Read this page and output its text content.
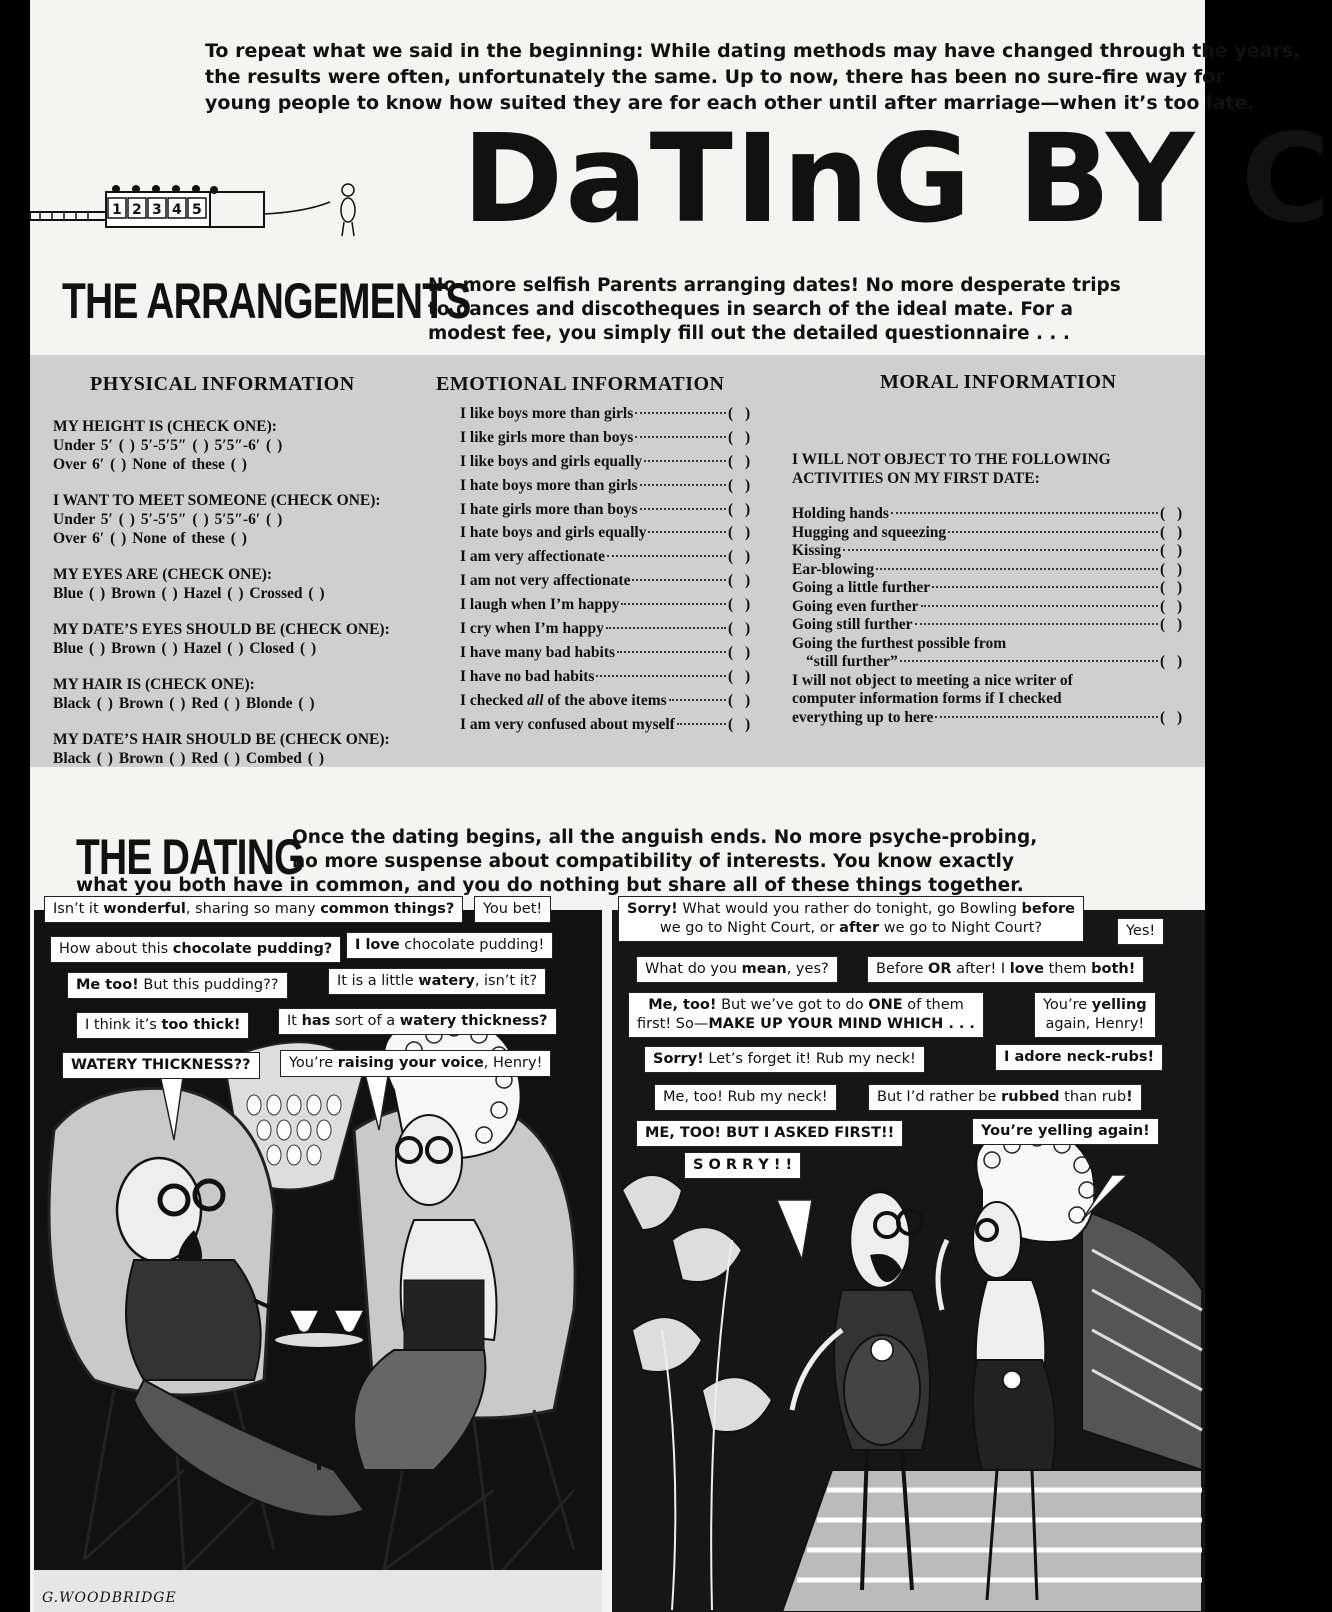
To repeat what we said in the beginning: While dating methods may have changed through the years,
the results were often, unfortunately the same. Up to now, there has been no sure-fire way for
young people to know how suited they are for each other until after marriage—when it’s too late.

1 2 3 4 5 DaTInG BY C
THE ARRANGEMENTS

No more selfish Parents arranging dates! No more desperate trips
to dances and discotheques in search of the ideal mate. For a
modest fee, you simply fill out the detailed questionnaire . . .

PHYSICAL INFORMATION	EMOTIONAL INFORMATION	MORAL INFORMATION
MY HEIGHT IS (CHECK ONE):
Under 5′ ( ) 5′-5′5″ ( ) 5′5″-6′ ( )
Over 6′ ( ) None of these ( )
I WANT TO MEET SOMEONE (CHECK ONE):
Under 5′ ( ) 5′-5′5″ ( ) 5′5″-6′ ( )
Over 6′ ( ) None of these ( )
MY EYES ARE (CHECK ONE):
Blue ( ) Brown ( ) Hazel ( ) Crossed ( )
MY DATE’S EYES SHOULD BE (CHECK ONE):
Blue ( ) Brown ( ) Hazel ( ) Closed ( )
MY HAIR IS (CHECK ONE):
Black ( ) Brown ( ) Red ( ) Blonde ( )
MY DATE’S HAIR SHOULD BE (CHECK ONE):
Black ( ) Brown ( ) Red ( ) Combed ( )
I like boys more than girls	( )
I like girls more than boys	( )
I like boys and girls equally	( )
I hate boys more than girls	( )
I hate girls more than boys	( )
I hate boys and girls equally	( )
I am very affectionate	( )
I am not very affectionate	( )
I laugh when I’m happy	( )
I cry when I’m happy	( )
I have many bad habits	( )
I have no bad habits	( )
I checked all of the above items	( )
I am very confused about myself	( )
I WILL NOT OBJECT TO THE FOLLOWING
ACTIVITIES ON MY FIRST DATE:
Holding hands	( )
Hugging and squeezing	( )
Kissing	( )
Ear-blowing	( )
Going a little further	( )
Going even further	( )
Going still further	( )
Going the furthest possible from
“still further”	( )
I will not object to meeting a nice writer of
computer information forms if I checked
everything up to here	( )
THE DATING

Once the dating begins, all the anguish ends. No more psyche-probing,
no more suspense about compatibility of interests. You know exactly

what you both have in common, and you do nothing but share all of these things together.

Isn’t it wonderful, sharing so many common things?	You bet!
How about this chocolate pudding?	I love chocolate pudding!
Me too! But this pudding??	It is a little watery, isn’t it?
I think it’s too thick!	It has sort of a watery thickness?
WATERY THICKNESS??	You’re raising your voice, Henry!
G.WOODBRIDGE
Sorry! What would you rather do tonight, go Bowling before
we go to Night Court, or after we go to Night Court?	Yes!
What do you mean, yes?	Before OR after! I love them both!
Me, too! But we’ve got to do ONE of them
first! So—MAKE UP YOUR MIND WHICH . . .
You’re yelling
again, Henry!
Sorry! Let’s forget it! Rub my neck!	I adore neck-rubs!
Me, too! Rub my neck!	But I’d rather be rubbed than rub!
ME, TOO! BUT I ASKED FIRST!!	You’re yelling again!
S O R R Y ! !
